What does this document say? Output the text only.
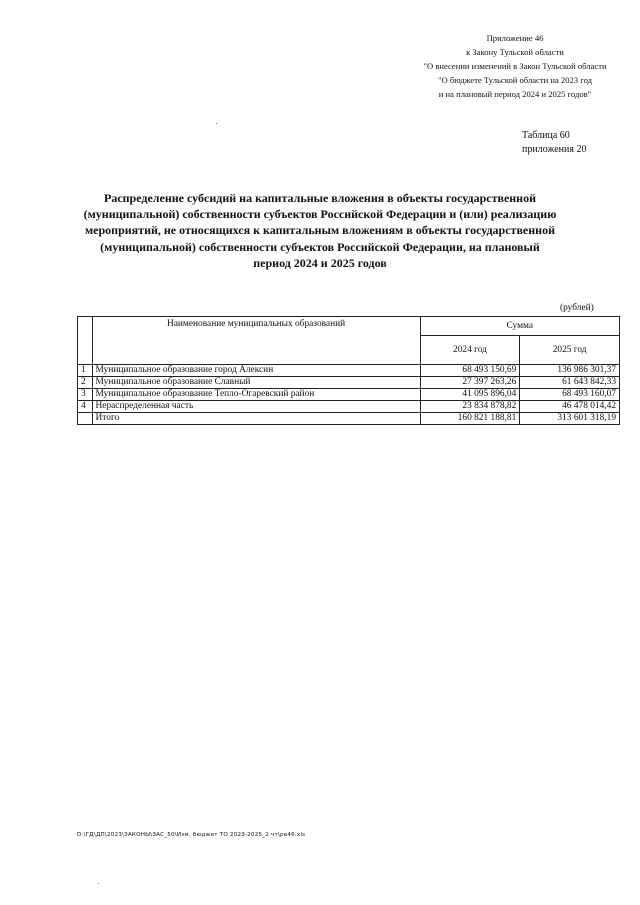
Приложение 46
к Закону Тульской области
"О внесении изменений в Закон Тульской области
"О бюджете Тульской области на 2023 год
и на плановый период 2024 и 2025 годов"
Таблица 60
приложения 20
Распределение субсидий на капитальные вложения в объекты государственной (муниципальной) собственности субъектов Российской Федерации и (или) реализацию мероприятий, не относящихся к капитальным вложениям в объекты государственной (муниципальной) собственности субъектов Российской Федерации, на плановый период 2024 и 2025 годов
(рублей)
	Наименование муниципальных образований	Сумма	
		2024 год	2025 год
1	Муниципальное образование город Алексин	68 493 150,69	136 986 301,37
2	Муниципальное образование Славный	27 397 263,26	61 643 842,33
3	Муниципальное образование Тепло-Огаревский район	41 095 896,04	68 493 160,07
4	Нераспределенная часть	23 834 878,82	46 478 014,42
	Итого	160 821 188,81	313 601 318,19
D:\ГД\ДП\2023\ЗАКОНЫ\ЗАС_50\Изм. бюджет ТО 2023-2025_2 чт\ре46.xls
